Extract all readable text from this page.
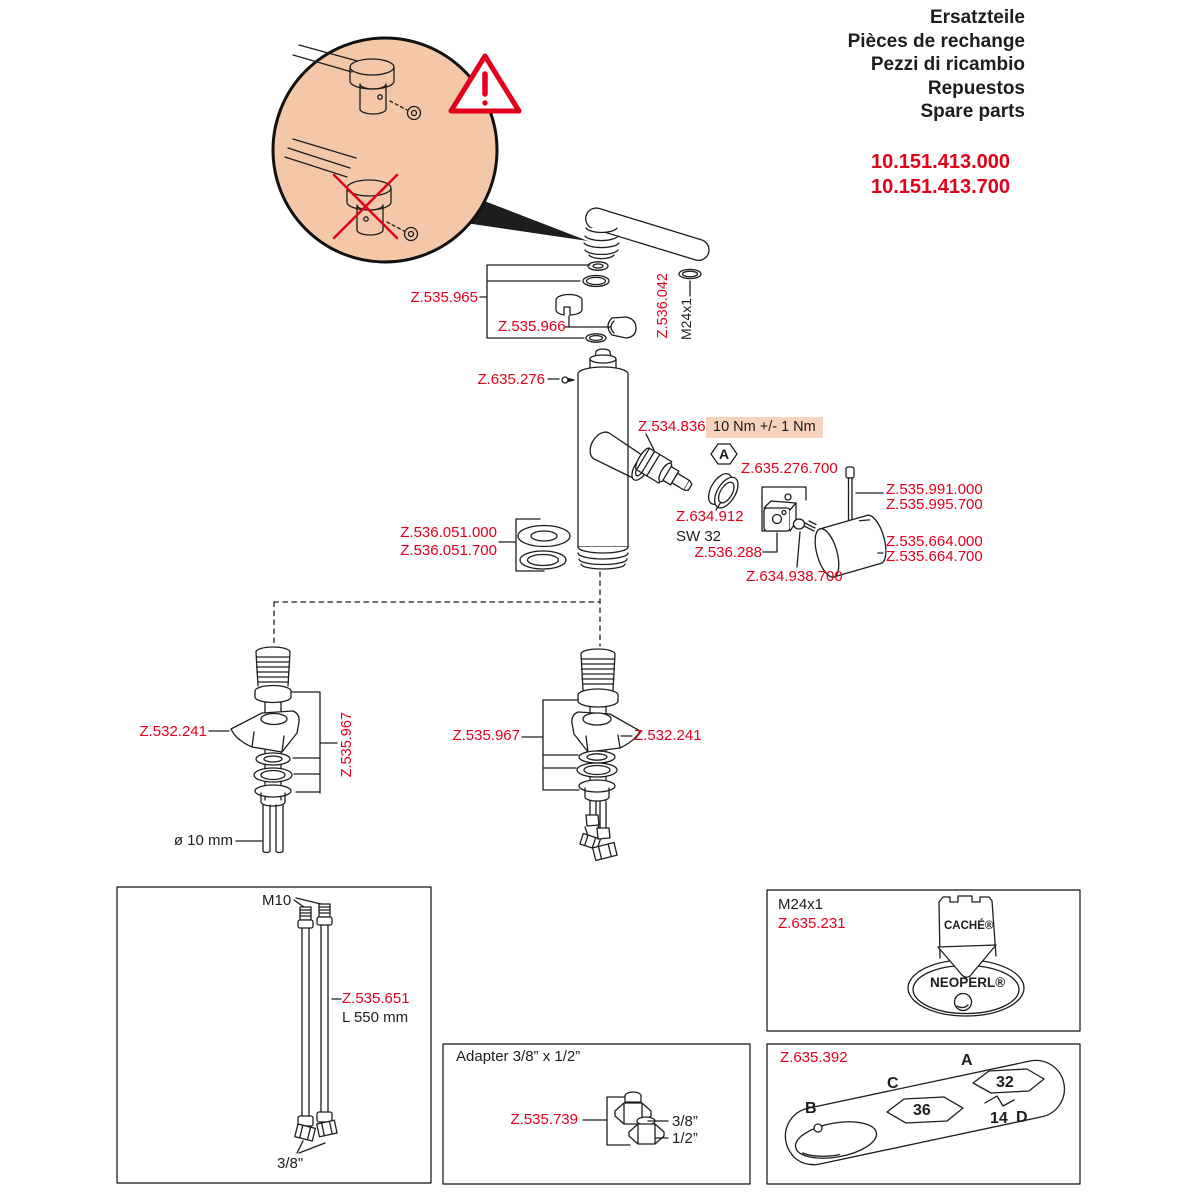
Ersatzteile
Pièces de rechange
Pezzi di ricambio
Repuestos
Spare parts
10.151.413.000
10.151.413.700
Z.535.965
Z.535.966	Z.536.042 M24x1
Z.635.276
Z.534.836 10 Nm +/- 1 Nm
A
Z.635.276.700
Z.634.912
SW 32
Z.536.288
Z.634.938.700
Z.535.991.000
Z.535.995.700
Z.535.664.000
Z.535.664.700
Z.536.051.000
Z.536.051.700
Z.532.241	Z.535.967
ø 10 mm
Z.535.967	Z.532.241
M10
Z.535.651
L 550 mm
3/8"
Adapter 3/8” x 1/2”
Z.535.739	3/8”
1/2”
M24x1
Z.635.231	CACHÉ®
NEOPERL®
Z.635.392	A
C
B
32
36	14 D
